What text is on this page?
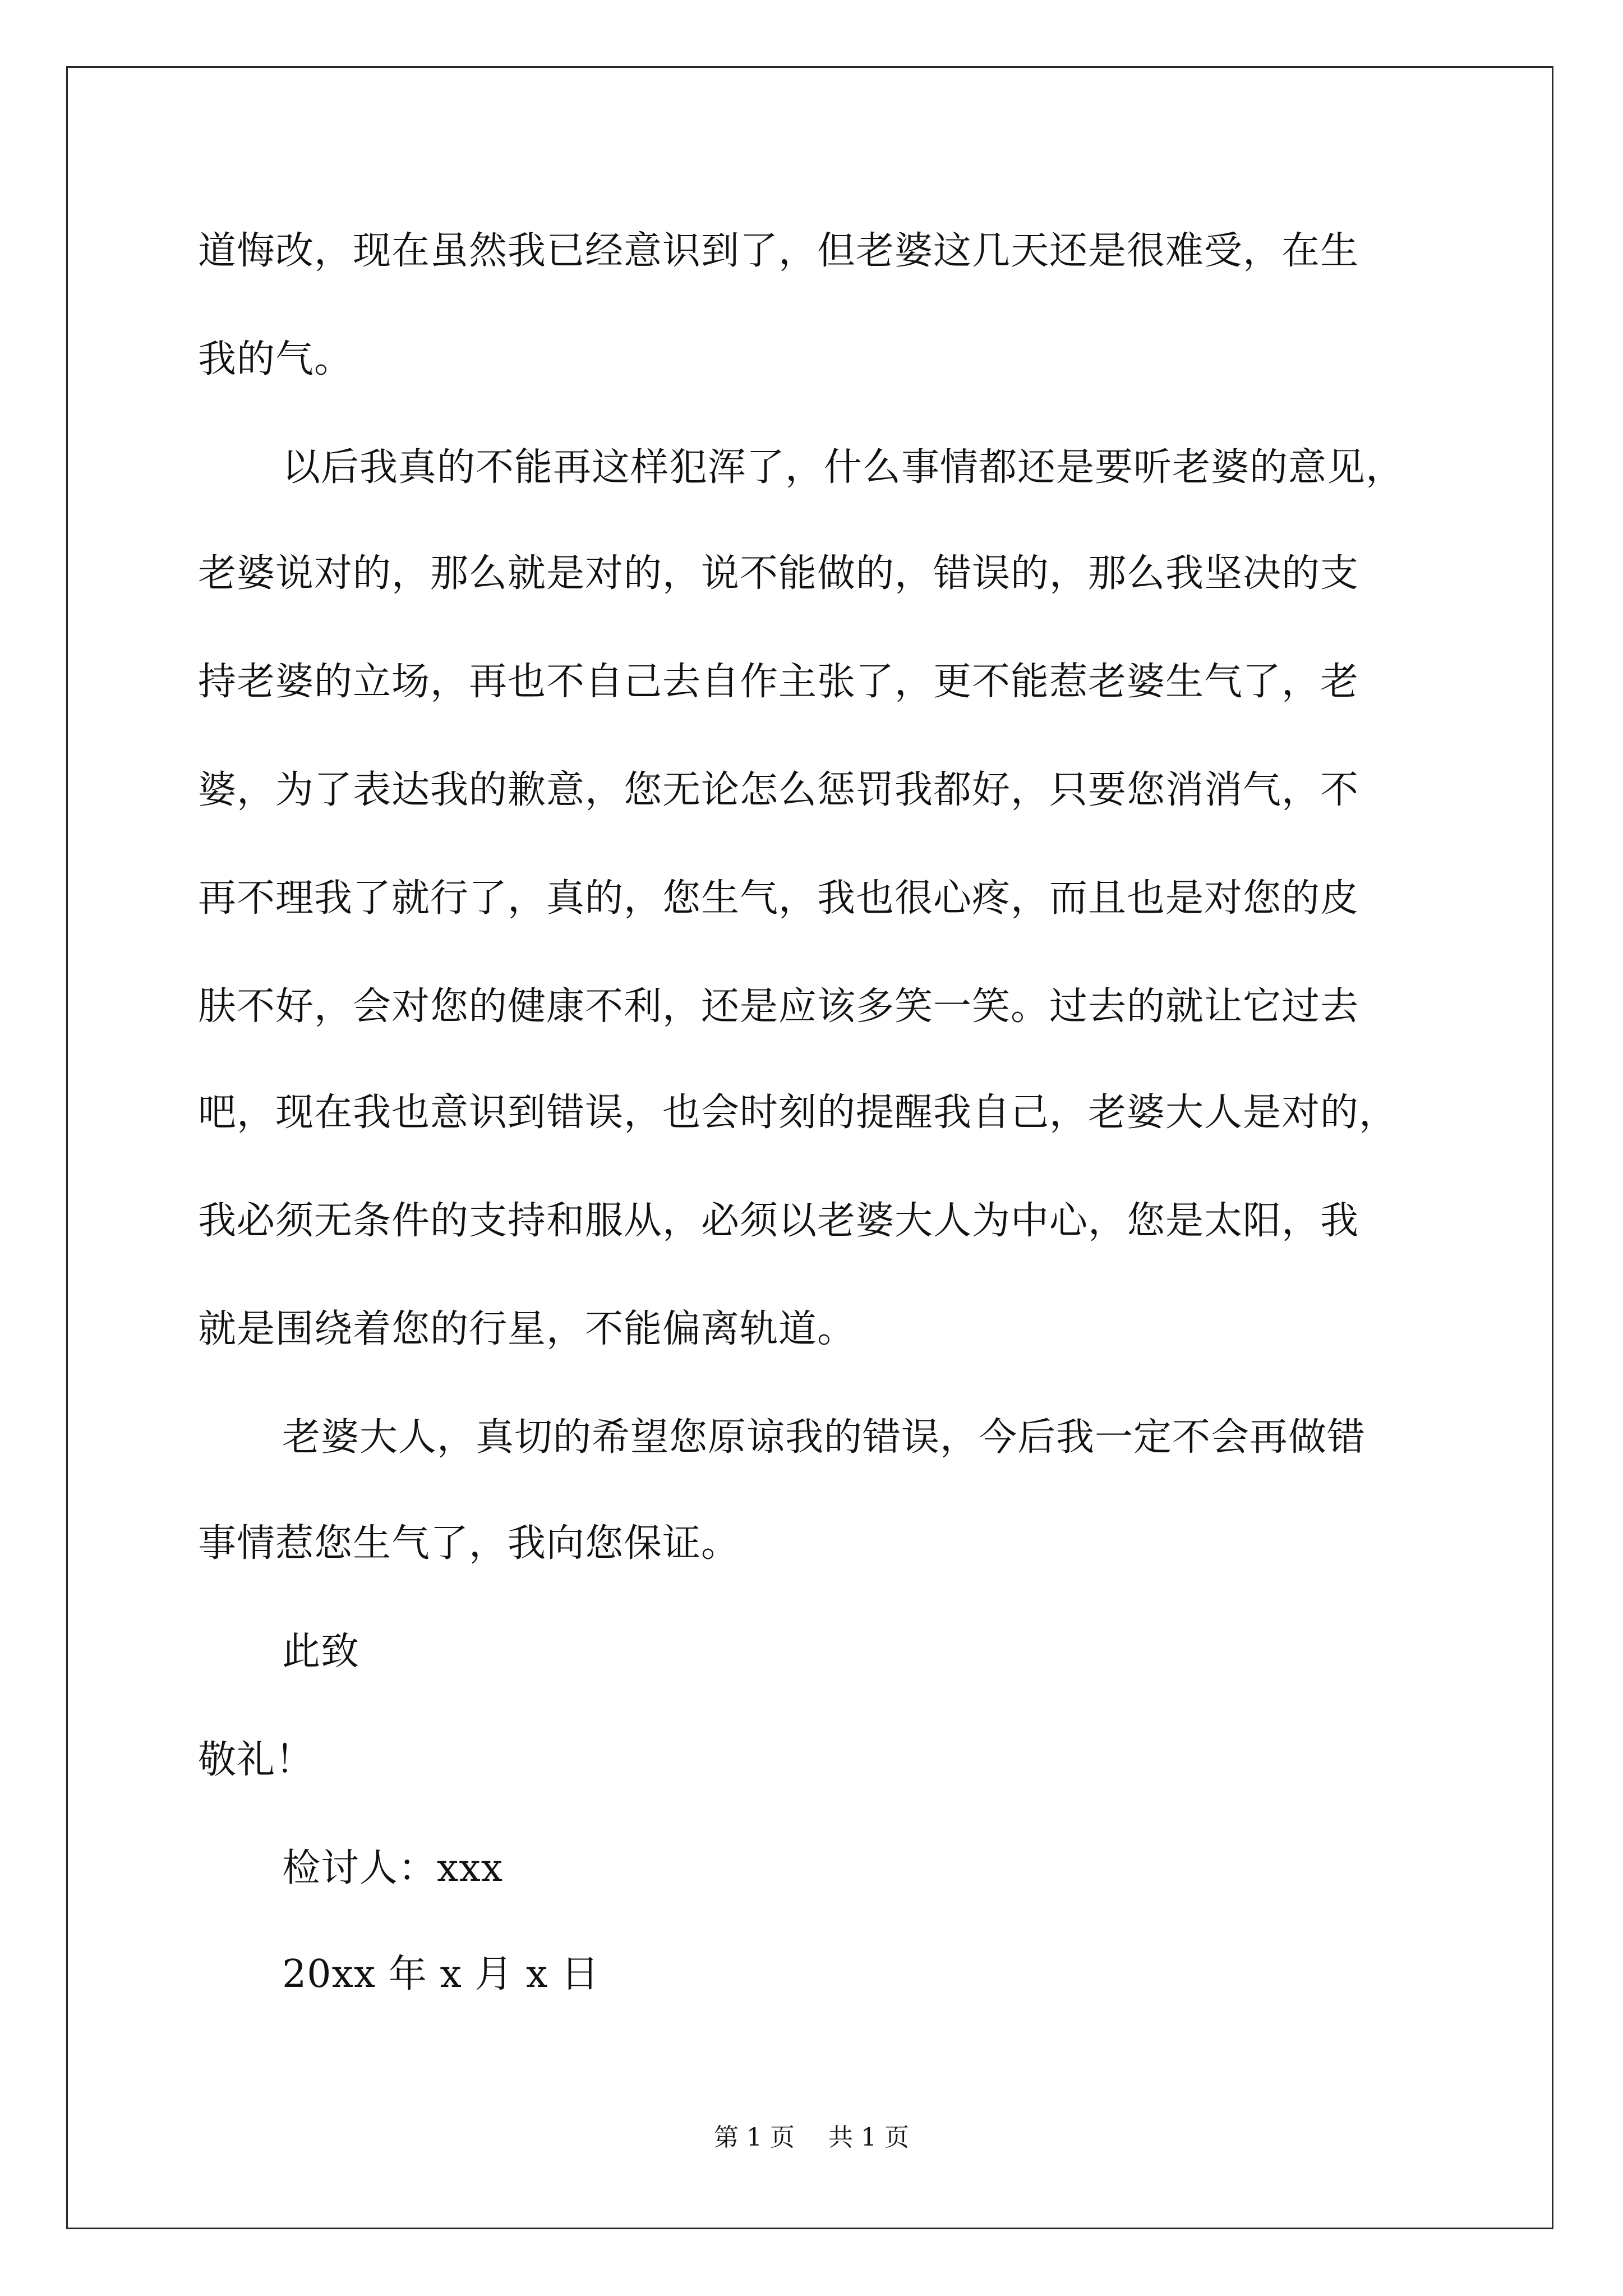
道悔改，现在虽然我已经意识到了，但老婆这几天还是很难受，在生
我的气。
以后我真的不能再这样犯浑了，什么事情都还是要听老婆的意见，
老婆说对的，那么就是对的，说不能做的，错误的，那么我坚决的支
持老婆的立场，再也不自己去自作主张了，更不能惹老婆生气了，老
婆，为了表达我的歉意，您无论怎么惩罚我都好，只要您消消气，不
再不理我了就行了，真的，您生气，我也很心疼，而且也是对您的皮
肤不好，会对您的健康不利，还是应该多笑一笑。过去的就让它过去
吧，现在我也意识到错误，也会时刻的提醒我自己，老婆大人是对的，
我必须无条件的支持和服从，必须以老婆大人为中心，您是太阳，我
就是围绕着您的行星，不能偏离轨道。
老婆大人，真切的希望您原谅我的错误，今后我一定不会再做错
事情惹您生气了，我向您保证。
此致
敬礼！
检讨人：xxx
20xx 年 x 月 x 日
第 1 页 共 1 页
